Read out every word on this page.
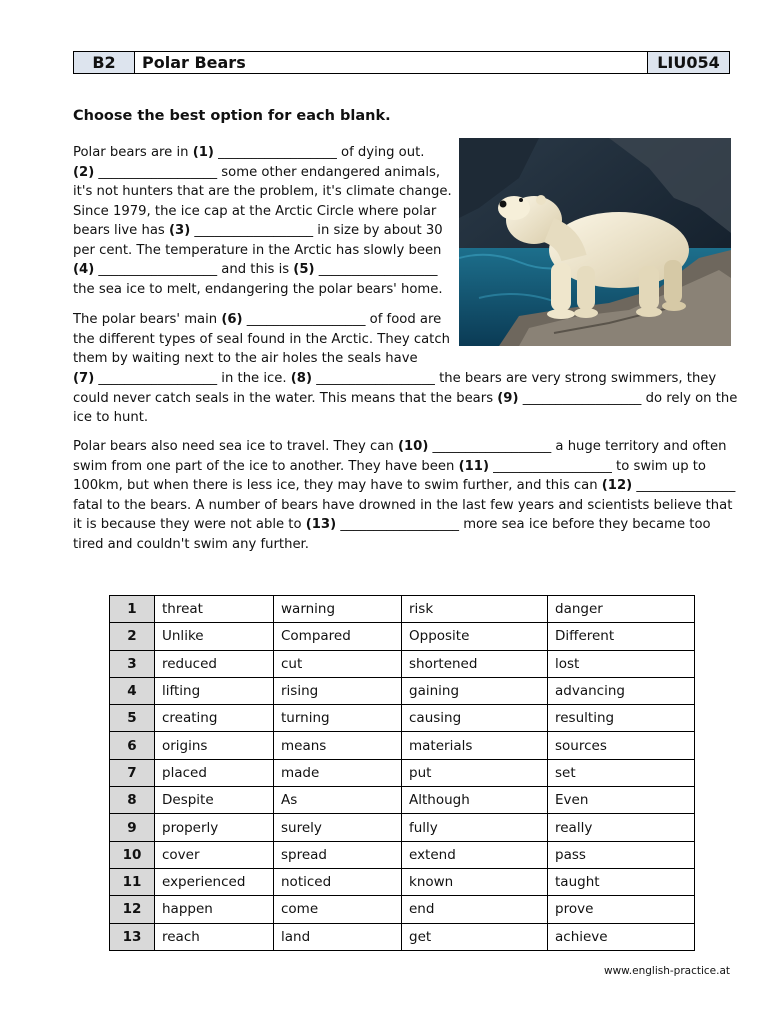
B2	Polar Bears	LIU054
Choose the best option for each blank.
Polar bears are in (1) __________________ of dying out.
(2) __________________ some other endangered animals,
it's not hunters that are the problem, it's climate change.
Since 1979, the ice cap at the Arctic Circle where polar
bears live has (3) __________________ in size by about 30
per cent. The temperature in the Arctic has slowly been
(4) __________________ and this is (5) __________________
the sea ice to melt, endangering the polar bears' home.
The polar bears' main (6) __________________ of food are
the different types of seal found in the Arctic. They catch
them by waiting next to the air holes the seals have
(7) __________________ in the ice. (8) __________________ the bears are very strong swimmers, they
could never catch seals in the water. This means that the bears (9) __________________ do rely on the
ice to hunt.
Polar bears also need sea ice to travel. They can (10) __________________ a huge territory and often
swim from one part of the ice to another. They have been (11) __________________ to swim up to
100km, but when there is less ice, they may have to swim further, and this can (12) _______________
fatal to the bears. A number of bears have drowned in the last few years and scientists believe that
it is because they were not able to (13) __________________ more sea ice before they became too
tired and couldn't swim any further.
1	threat	warning	risk	danger
2	Unlike	Compared	Opposite	Different
3	reduced	cut	shortened	lost
4	lifting	rising	gaining	advancing
5	creating	turning	causing	resulting
6	origins	means	materials	sources
7	placed	made	put	set
8	Despite	As	Although	Even
9	properly	surely	fully	really
10	cover	spread	extend	pass
11	experienced	noticed	known	taught
12	happen	come	end	prove
13	reach	land	get	achieve
www.english-practice.at
